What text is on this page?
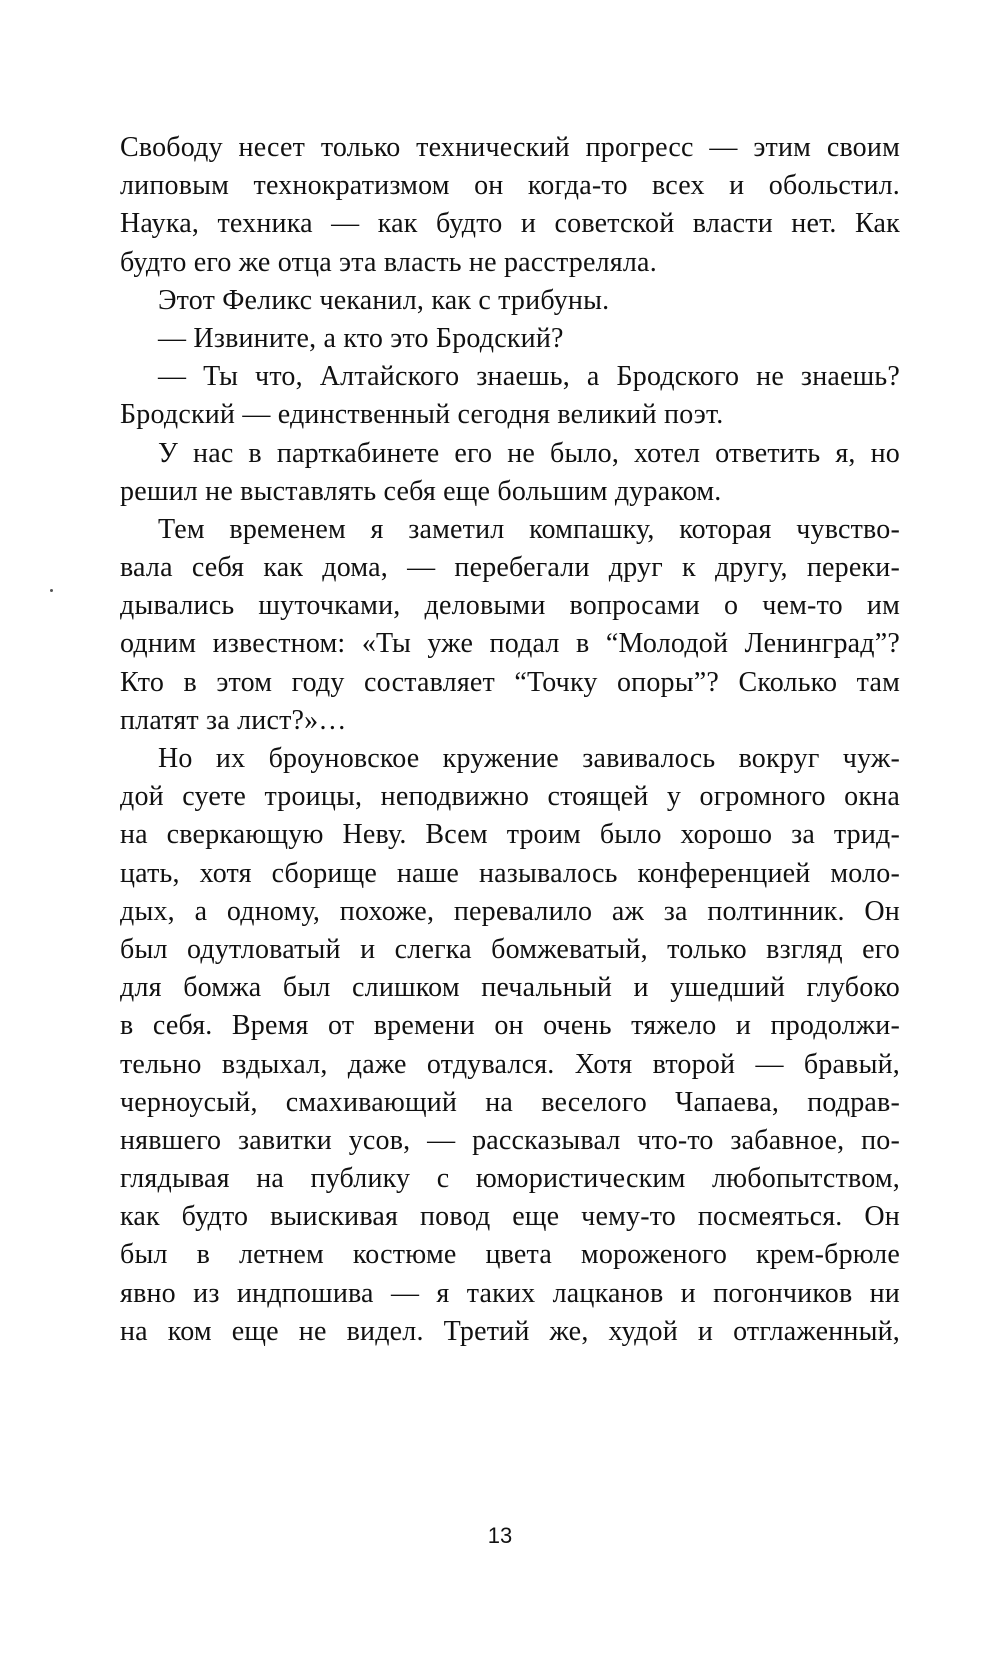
Свободу несет только технический прогресс — этим своим
липовым технократизмом он когда-то всех и обольстил.
Наука, техника — как будто и советской власти нет. Как
будто его же отца эта власть не расстреляла.
Этот Феликс чеканил, как с трибуны.
— Извините, а кто это Бродский?
— Ты что, Алтайского знаешь, а Бродского не знаешь?
Бродский — единственный сегодня великий поэт.
У нас в парткабинете его не было, хотел ответить я, но
решил не выставлять себя еще большим дураком.
Тем временем я заметил компашку, которая чувство-
вала себя как дома, — перебегали друг к другу, переки-
дывались шуточками, деловыми вопросами о чем-то им
одним известном: «Ты уже подал в “Молодой Ленинград”?
Кто в этом году составляет “Точку опоры”? Сколько там
платят за лист?»…
Но их броуновское кружение завивалось вокруг чуж-
дой суете троицы, неподвижно стоящей у огромного окна
на сверкающую Неву. Всем троим было хорошо за трид-
цать, хотя сборище наше называлось конференцией моло-
дых, а одному, похоже, перевалило аж за полтинник. Он
был одутловатый и слегка бомжеватый, только взгляд его
для бомжа был слишком печальный и ушедший глубоко
в себя. Время от времени он очень тяжело и продолжи-
тельно вздыхал, даже отдувался. Хотя второй — бравый,
черноусый, смахивающий на веселого Чапаева, подрав-
нявшего завитки усов, — рассказывал что-то забавное, по-
глядывая на публику с юмористическим любопытством,
как будто выискивая повод еще чему-то посмеяться. Он
был в летнем костюме цвета мороженого крем-брюле
явно из индпошива — я таких лацканов и погончиков ни
на ком еще не видел. Третий же, худой и отглаженный,
13
